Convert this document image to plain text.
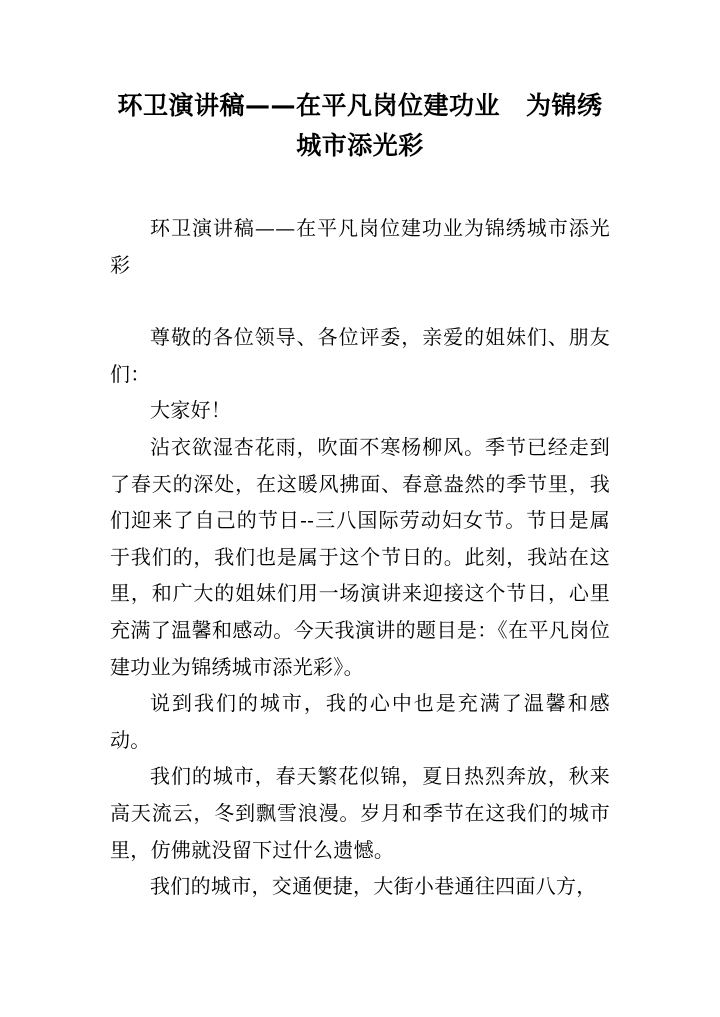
环卫演讲稿——在平凡岗位建功业 为锦绣城市添光彩

环卫演讲稿——在平凡岗位建功业为锦绣城市添光彩

尊敬的各位领导、各位评委，亲爱的姐妹们、朋友们：

大家好！

沾衣欲湿杏花雨，吹面不寒杨柳风。季节已经走到了春天的深处，在这暖风拂面、春意盎然的季节里，我们迎来了自己的节日--三八国际劳动妇女节。节日是属于我们的，我们也是属于这个节日的。此刻，我站在这里，和广大的姐妹们用一场演讲来迎接这个节日，心里充满了温馨和感动。今天我演讲的题目是：《在平凡岗位建功业为锦绣城市添光彩》。

说到我们的城市，我的心中也是充满了温馨和感动。

我们的城市，春天繁花似锦，夏日热烈奔放，秋来高天流云，冬到飘雪浪漫。岁月和季节在这我们的城市里，仿佛就没留下过什么遗憾。

我们的城市，交通便捷，大街小巷通往四面八方，
